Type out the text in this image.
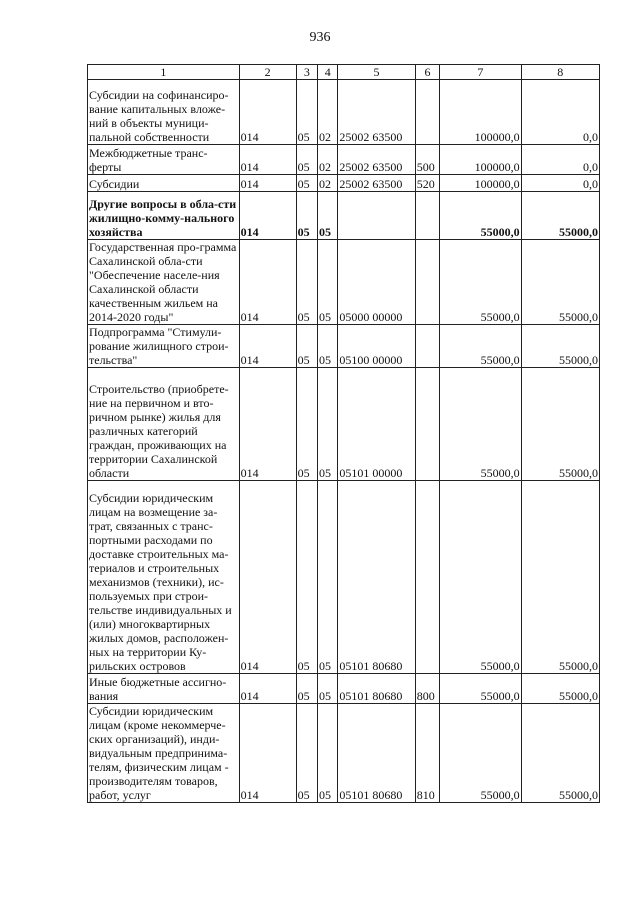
936
1	2	3	4	5	6	7	8

Субсидии на софинансиро-вание капитальных вложе-ний в объекты муници-пальной собственности	014	05	02	25002 63500		100000,0	0,0

Межбюджетные транс-ферты	014	05	02	25002 63500	500	100000,0	0,0

Субсидии	014	05	02	25002 63500	520	100000,0	0,0

Другие вопросы в обла-сти жилищно-комму-нального хозяйства	014	05	05			55000,0	55000,0

Государственная про-грамма Сахалинской обла-сти "Обеспечение населе-ния Сахалинской области качественным жильем на 2014-2020 годы"	014	05	05	05000 00000		55000,0	55000,0

Подпрограмма "Стимули-рование жилищного строи-тельства"	014	05	05	05100 00000		55000,0	55000,0

Строительство (приобрете-ние на первичном и вто-ричном рынке) жилья для различных категорий граждан, проживающих на территории Сахалинской области	014	05	05	05101 00000		55000,0	55000,0

Субсидии юридическим лицам на возмещение за-трат, связанных с транс-портными расходами по доставке строительных ма-териалов и строительных механизмов (техники), ис-пользуемых при строи-тельстве индивидуальных и (или) многоквартирных жилых домов, расположен-ных на территории Ку-рильских островов	014	05	05	05101 80680		55000,0	55000,0

Иные бюджетные ассигно-вания	014	05	05	05101 80680	800	55000,0	55000,0

Субсидии юридическим лицам (кроме некоммерче-ских организаций), инди-видуальным предпринима-телям, физическим лицам - производителям товаров, работ, услуг	014	05	05	05101 80680	810	55000,0	55000,0
